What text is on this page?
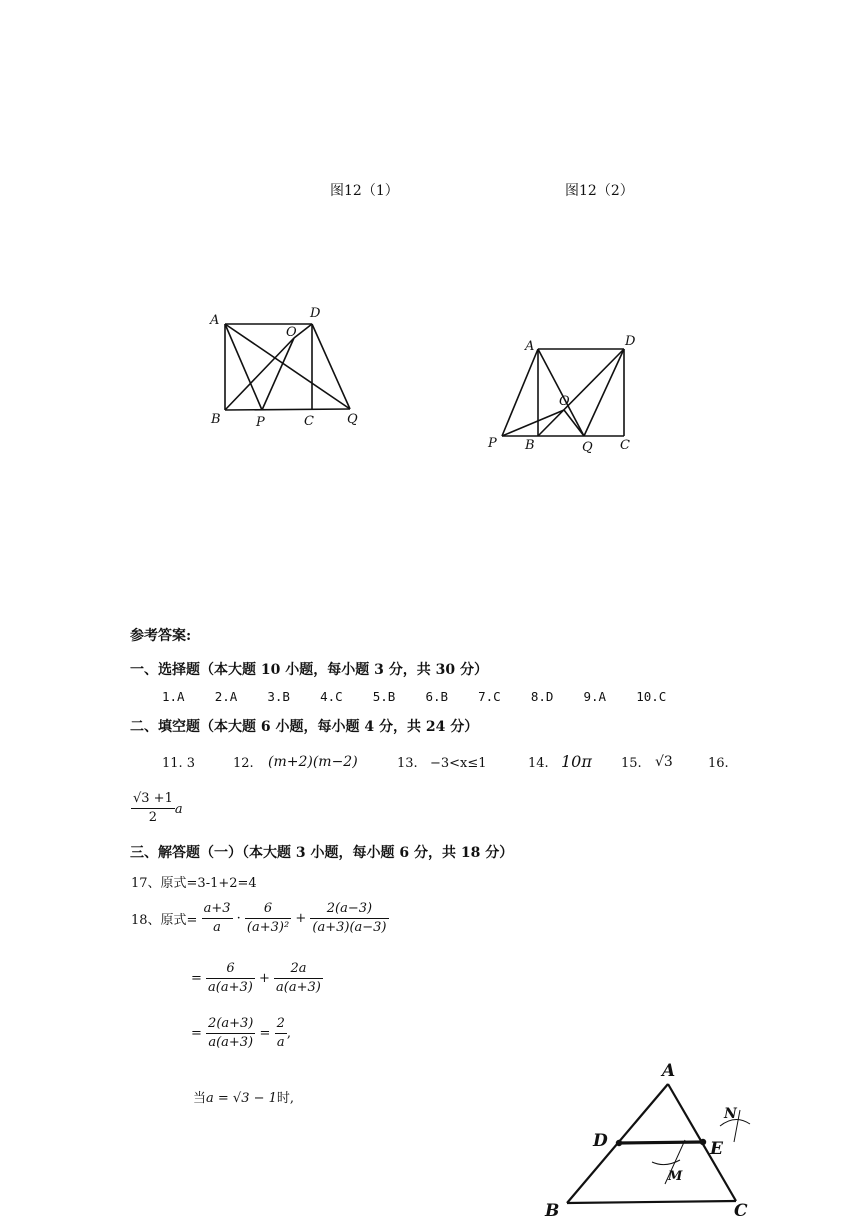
图12（1）	图12（2）
A	D
O
B	P	C	Q
A	D
O
P B	Q C
参考答案:
一、选择题（本大题 10 小题，每小题 3 分，共 30 分）
1.A 2.A 3.B 4.C 5.B 6.B 7.C 8.D 9.A 10.C
二、填空题（本大题 6 小题，每小题 4 分，共 24 分）
11. 3	12. (m+2)(m−2)	13. −3<x≤1	14. 10π 15. √3	16.
$\frac{√3 +1}{2}$ a
三、解答题（一）（本大题 3 小题，每小题 6 分，共 18 分）
17、原式=3-1+2=4
18、原式= $\frac{a+3}{a} \cdot \frac{6}{\text{(a+3)²}} + \frac{2(a-3)}{(a+3)(a-3)}$
= $\frac{6}{a(a+3)} + \frac{2a}{a(a+3)}$
= $\frac{2(a+3)}{a(a+3)} = \frac{2}{a}$ ,
当a = √3 − 1时,
A
D	E
N
M
B	C
